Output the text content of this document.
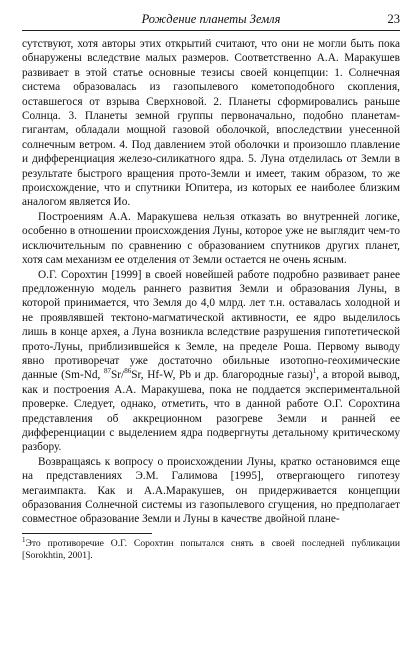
Рождение планеты Земля	23

сутствуют, хотя авторы этих открытий считают, что они не могли быть пока обнаружены вследствие малых размеров. Соответственно А.А. Маракушев развивает в этой статье основные тезисы своей концепции: 1. Солнечная система образовалась из газопылевого кометоподобного скопления, оставшегося от взрыва Сверхновой. 2. Планеты сформировались раньше Солнца. 3. Планеты земной группы первоначально, подобно планетам-гигантам, обладали мощной газовой оболочкой, впоследствии унесенной солнечным ветром. 4. Под давлением этой оболочки и произошло плавление и дифференциация железо-силикатного ядра. 5. Луна отделилась от Земли в результате быстрого вращения прото-Земли и имеет, таким образом, то же происхождение, что и спутники Юпитера, из которых ее наиболее близким аналогом является Ио.

Построениям А.А. Маракушева нельзя отказать во внутренней логике, особенно в отношении происхождения Луны, которое уже не выглядит чем-то исключительным по сравнению с образованием спутников других планет, хотя сам механизм ее отделения от Земли остается не очень ясным.

О.Г. Сорохтин [1999] в своей новейшей работе подробно развивает ранее предложенную модель раннего развития Земли и образования Луны, в которой принимается, что Земля до 4,0 млрд. лет т.н. оставалась холодной и не проявлявшей тектоно-магматической активности, ее ядро выделилось лишь в конце архея, а Луна возникла вследствие разрушения гипотетической прото-Луны, приблизившейся к Земле, на пределе Роша. Первому выводу явно противоречат уже достаточно обильные изотопно-геохимические данные (Sm-Nd, $^{87}$Sr/$^{86}$Sr, Hf-W, Pb и др. благородные газы)$^1$, а второй вывод, как и построения А.А. Маракушева, пока не поддается экспериментальной проверке. Следует, однако, отметить, что в данной работе О.Г. Сорохтина представления об аккреционном разогреве Земли и ранней ее дифференциации с выделением ядра подвергнуты детальному критическому разбору.

Возвращаясь к вопросу о происхождении Луны, кратко остановимся еще на представлениях Э.М. Галимова [1995], отвергающего гипотезу мегаимпакта. Как и А.А.Маракушев, он придерживается концепции образования Солнечной системы из газопылевого сгущения, но предполагает совместное образование Земли и Луны в качестве двойной плане-

$^1$Это противоречие О.Г. Сорохтин попытался снять в своей последней публикации [Sorokhtin, 2001].
